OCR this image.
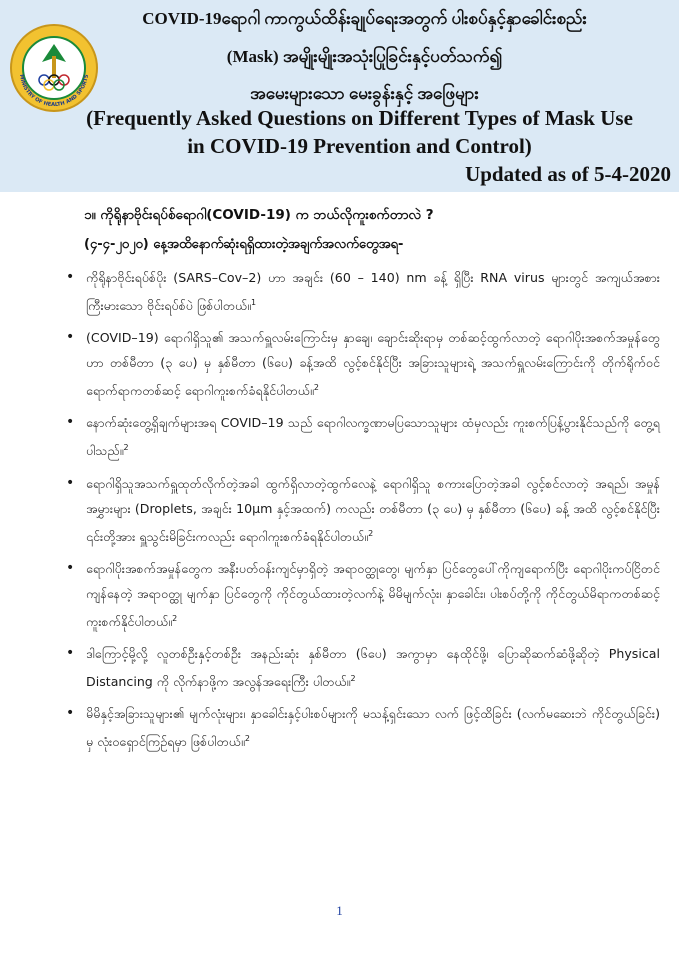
MINISTRY OF HEALTH AND SPORTS
COVID-19ရောဂါ ကာကွယ်ထိန်းချုပ်ရေးအတွက် ပါးစပ်နှင့်နှာခေါင်းစည်း
(Mask) အမျိုးမျိုးအသုံးပြုခြင်းနှင့်ပတ်သက်၍
အမေးများသော မေးခွန်းနှင့် အဖြေများ
(Frequently Asked Questions on Different Types of Mask Use
in COVID-19 Prevention and Control)
Updated as of 5-4-2020
၁။ ကိုရိုနာဗိုင်းရပ်စ်ရောဂါ(COVID-19) က ဘယ်လိုကူးစက်တာလဲ ?
(၄-၄-၂၀၂၀) နေ့အထိနောက်ဆုံးရရှိထားတဲ့အချက်အလက်တွေအရ-
• ကိုရိုနာဗိုင်းရပ်စ်ပိုး (SARS–Cov–2) ဟာ အချင်း (60 – 140) nm ခန့် ရှိပြီး RNA virus များတွင် အကျယ်အစား ကြီးမားသော ဗိုင်းရပ်စ်ပဲ ဖြစ်ပါတယ်။$^1$
• (COVID–19) ရောဂါရှိသူ၏ အသက်ရှူလမ်းကြောင်းမှ နှာချေ၊ ချောင်းဆိုးရာမှ တစ်ဆင့်ထွက်လာတဲ့ ရောဂါပိုးအစက်အမှုန်တွေဟာ တစ်မီတာ (၃ ပေ) မှ နှစ်မီတာ (၆ပေ) ခန့်အထိ လွင့်စင်နိုင်ပြီး အခြားသူများရဲ့ အသက်ရှူလမ်းကြောင်းကို တိုက်ရိုက်ဝင်ရောက်ရာကတစ်ဆင့် ရောဂါကူးစက်ခံရနိုင်ပါတယ်။$^2$
• နောက်ဆုံးတွေ့ရှိချက်များအရ COVID–19 သည် ရောဂါလက္ခဏာမပြသောသူများ ထံမှလည်း ကူးစက်ပြန့်ပွားနိုင်သည်ကို တွေ့ရပါသည်။$^2$
• ရောဂါရှိသူအသက်ရှူထုတ်လိုက်တဲ့အခါ ထွက်ရှိလာတဲ့ထွက်လေနဲ့ ရောဂါရှိသူ စကားပြောတဲ့အခါ လွင့်စင်လာတဲ့ အရည်၊ အမှုန်အမွှားများ (Droplets, အချင်း 10µm နှင့်အထက်) ကလည်း တစ်မီတာ (၃ ပေ) မှ နှစ်မီတာ (၆ပေ) ခန့် အထိ လွင့်စင်နိုင်ပြီး ၎င်းတို့အား ရှူသွင်းမိခြင်းကလည်း ရောဂါကူးစက်ခံရနိုင်ပါတယ်။$^2$
• ရောဂါပိုးအစက်အမှုန်တွေက အနီးပတ်ဝန်းကျင်မှာရှိတဲ့ အရာဝတ္ထုတွေ၊ မျက်နှာ ပြင်တွေပေါ်ကိုကျရောက်ပြီး ရောဂါပိုးကပ်ငြိတင်ကျန်နေတဲ့ အရာဝတ္ထု မျက်နှာ ပြင်တွေကို ကိုင်တွယ်ထားတဲ့လက်နဲ့ မိမိမျက်လုံး၊ နှာခေါင်း၊ ပါးစပ်တို့ကို ကိုင်တွယ်မိရာကတစ်ဆင့် ကူးစက်နိုင်ပါတယ်။$^2$
• ဒါကြောင့်မို့လို့ လူတစ်ဦးနှင့်တစ်ဦး အနည်းဆုံး နှစ်မီတာ (၆ပေ) အကွာမှာ နေထိုင်ဖို့၊ ပြောဆိုဆက်ဆံဖို့ဆိုတဲ့ Physical Distancing ကို လိုက်နာဖို့က အလွန်အရေးကြီး ပါတယ်။$^2$
• မိမိနှင့်အခြားသူများ၏ မျက်လုံးများ၊ နှာခေါင်းနှင့်ပါးစပ်များကို မသန့်ရှင်းသော လက် ဖြင့်ထိခြင်း (လက်မဆေးဘဲ ကိုင်တွယ်ခြင်း) မှ လုံးဝရှောင်ကြဉ်ရမှာ ဖြစ်ပါတယ်။$^2$
1
